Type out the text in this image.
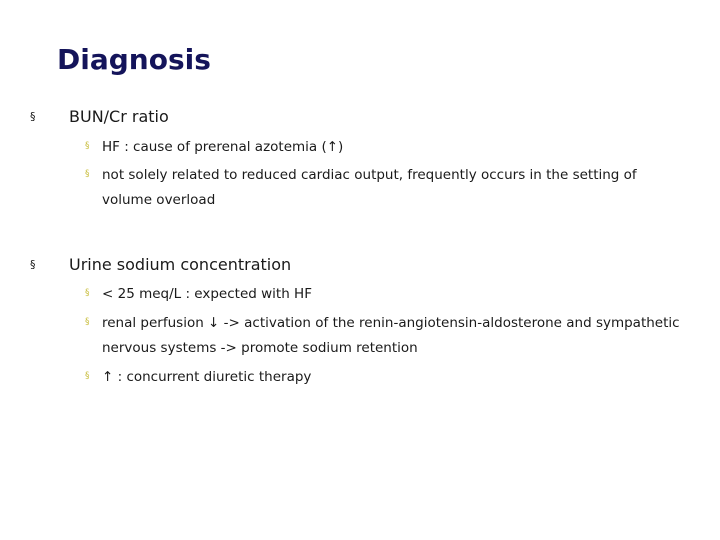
Diagnosis
§ BUN/Cr ratio
§ HF : cause of prerenal azotemia (↑)
§ not solely related to reduced cardiac output, frequently occurs in the setting of volume overload
§ Urine sodium concentration
§ < 25 meq/L : expected with HF
§ renal perfusion ↓ -> activation of the renin-angiotensin-aldosterone and sympathetic nervous systems -> promote sodium retention
§ ↑ : concurrent diuretic therapy
